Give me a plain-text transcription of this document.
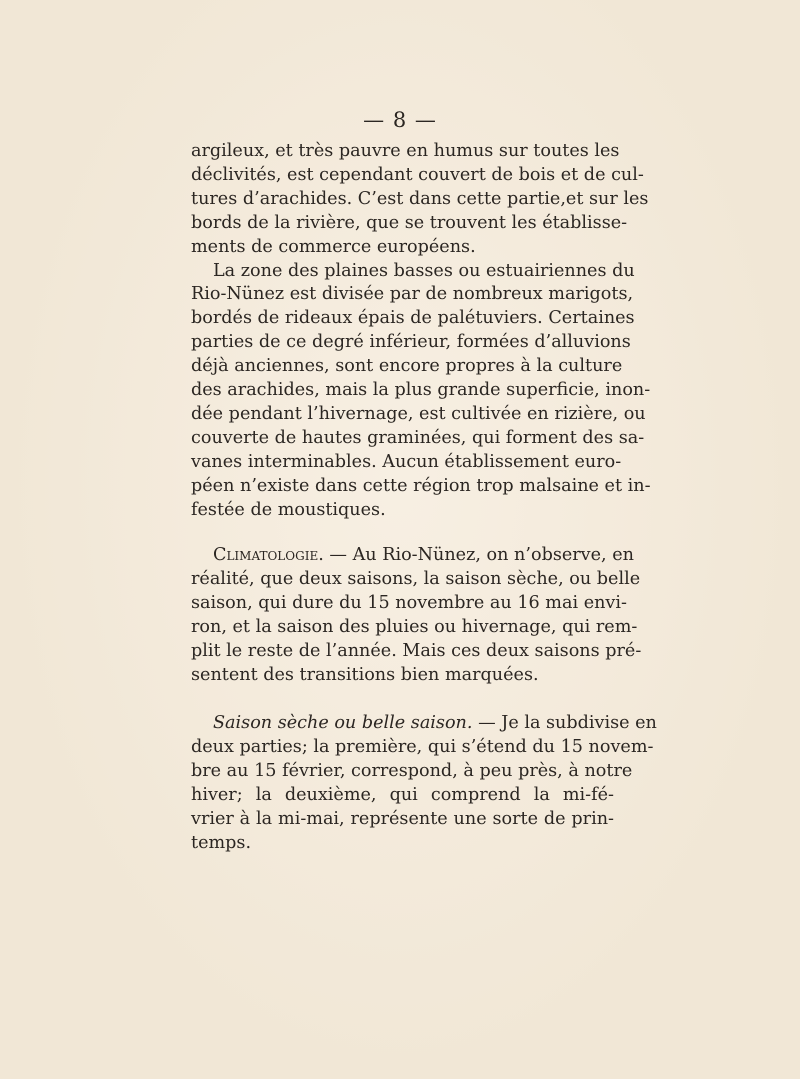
— 8 —
argileux, et très pauvre en humus sur toutes les
déclivités, est cependant couvert de bois et de cul-
tures d’arachides. C’est dans cette partie,et sur les
bords de la rivière, que se trouvent les établisse-
ments de commerce européens.
La zone des plaines basses ou estuairiennes du
Rio-Nünez est divisée par de nombreux marigots,
bordés de rideaux épais de palétuviers. Certaines
parties de ce degré inférieur, formées d’alluvions
déjà anciennes, sont encore propres à la culture
des arachides, mais la plus grande superficie, inon-
dée pendant l’hivernage, est cultivée en rizière, ou
couverte de hautes graminées, qui forment des sa-
vanes interminables. Aucun établissement euro-
péen n’existe dans cette région trop malsaine et in-
festée de moustiques.
Climatologie. — Au Rio-Nünez, on n’observe, en
réalité, que deux saisons, la saison sèche, ou belle
saison, qui dure du 15 novembre au 16 mai envi-
ron, et la saison des pluies ou hivernage, qui rem-
plit le reste de l’année. Mais ces deux saisons pré-
sentent des transitions bien marquées.
Saison sèche ou belle saison. — Je la subdivise en
deux parties; la première, qui s’étend du 15 novem-
bre au 15 février, correspond, à peu près, à notre
hiver; la deuxième, qui comprend la mi-fé-
vrier à la mi-mai, représente une sorte de prin-
temps.
